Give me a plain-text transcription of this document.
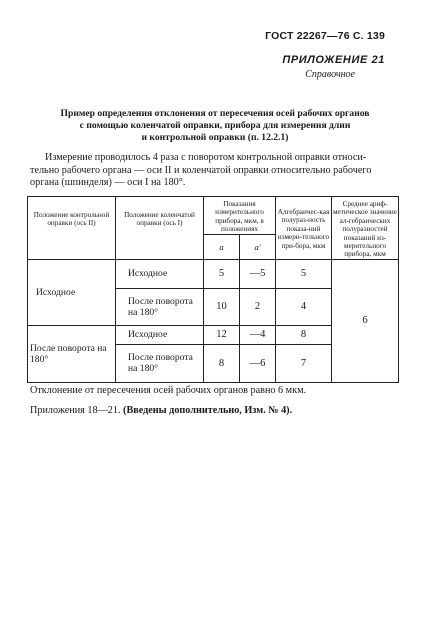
ГОСТ 22267—76 С. 139
ПРИЛОЖЕНИЕ 21
Справочное
Пример определения отклонения от пересечения осей рабочих органов
с помощью коленчатой оправки, прибора для измерения длин
и контрольной оправки (п. 12.2.1)
Измерение проводилось 4 раза с поворотом контрольной оправки относи-
тельно рабочего органа — оси II и коленчатой оправки относительно рабочего
органа (шпинделя) — оси I на 180°.
Положение контрольной оправки (ось II)	Положение коленчатой оправки (ось I)	Показания измерительного прибора, мкм, в положениях		Алгебраичес-кая полураз-ность показа-ний измери-тельного при-бора, мкм	Среднее ариф-метическое значение ал-гебраических полуразностей показаний из-мерительного прибора, мкм
		a	a'		
Исходное	Исходное	5	—5	5	6
	После поворота на 180°	10	2	4	
После поворота на 180°	Исходное	12	—4	8	
	После поворота на 180°	8	—6	7	
Отклонение от пересечения осей рабочих органов равно 6 мкм.
Приложения 18—21. (Введены дополнительно, Изм. № 4).
